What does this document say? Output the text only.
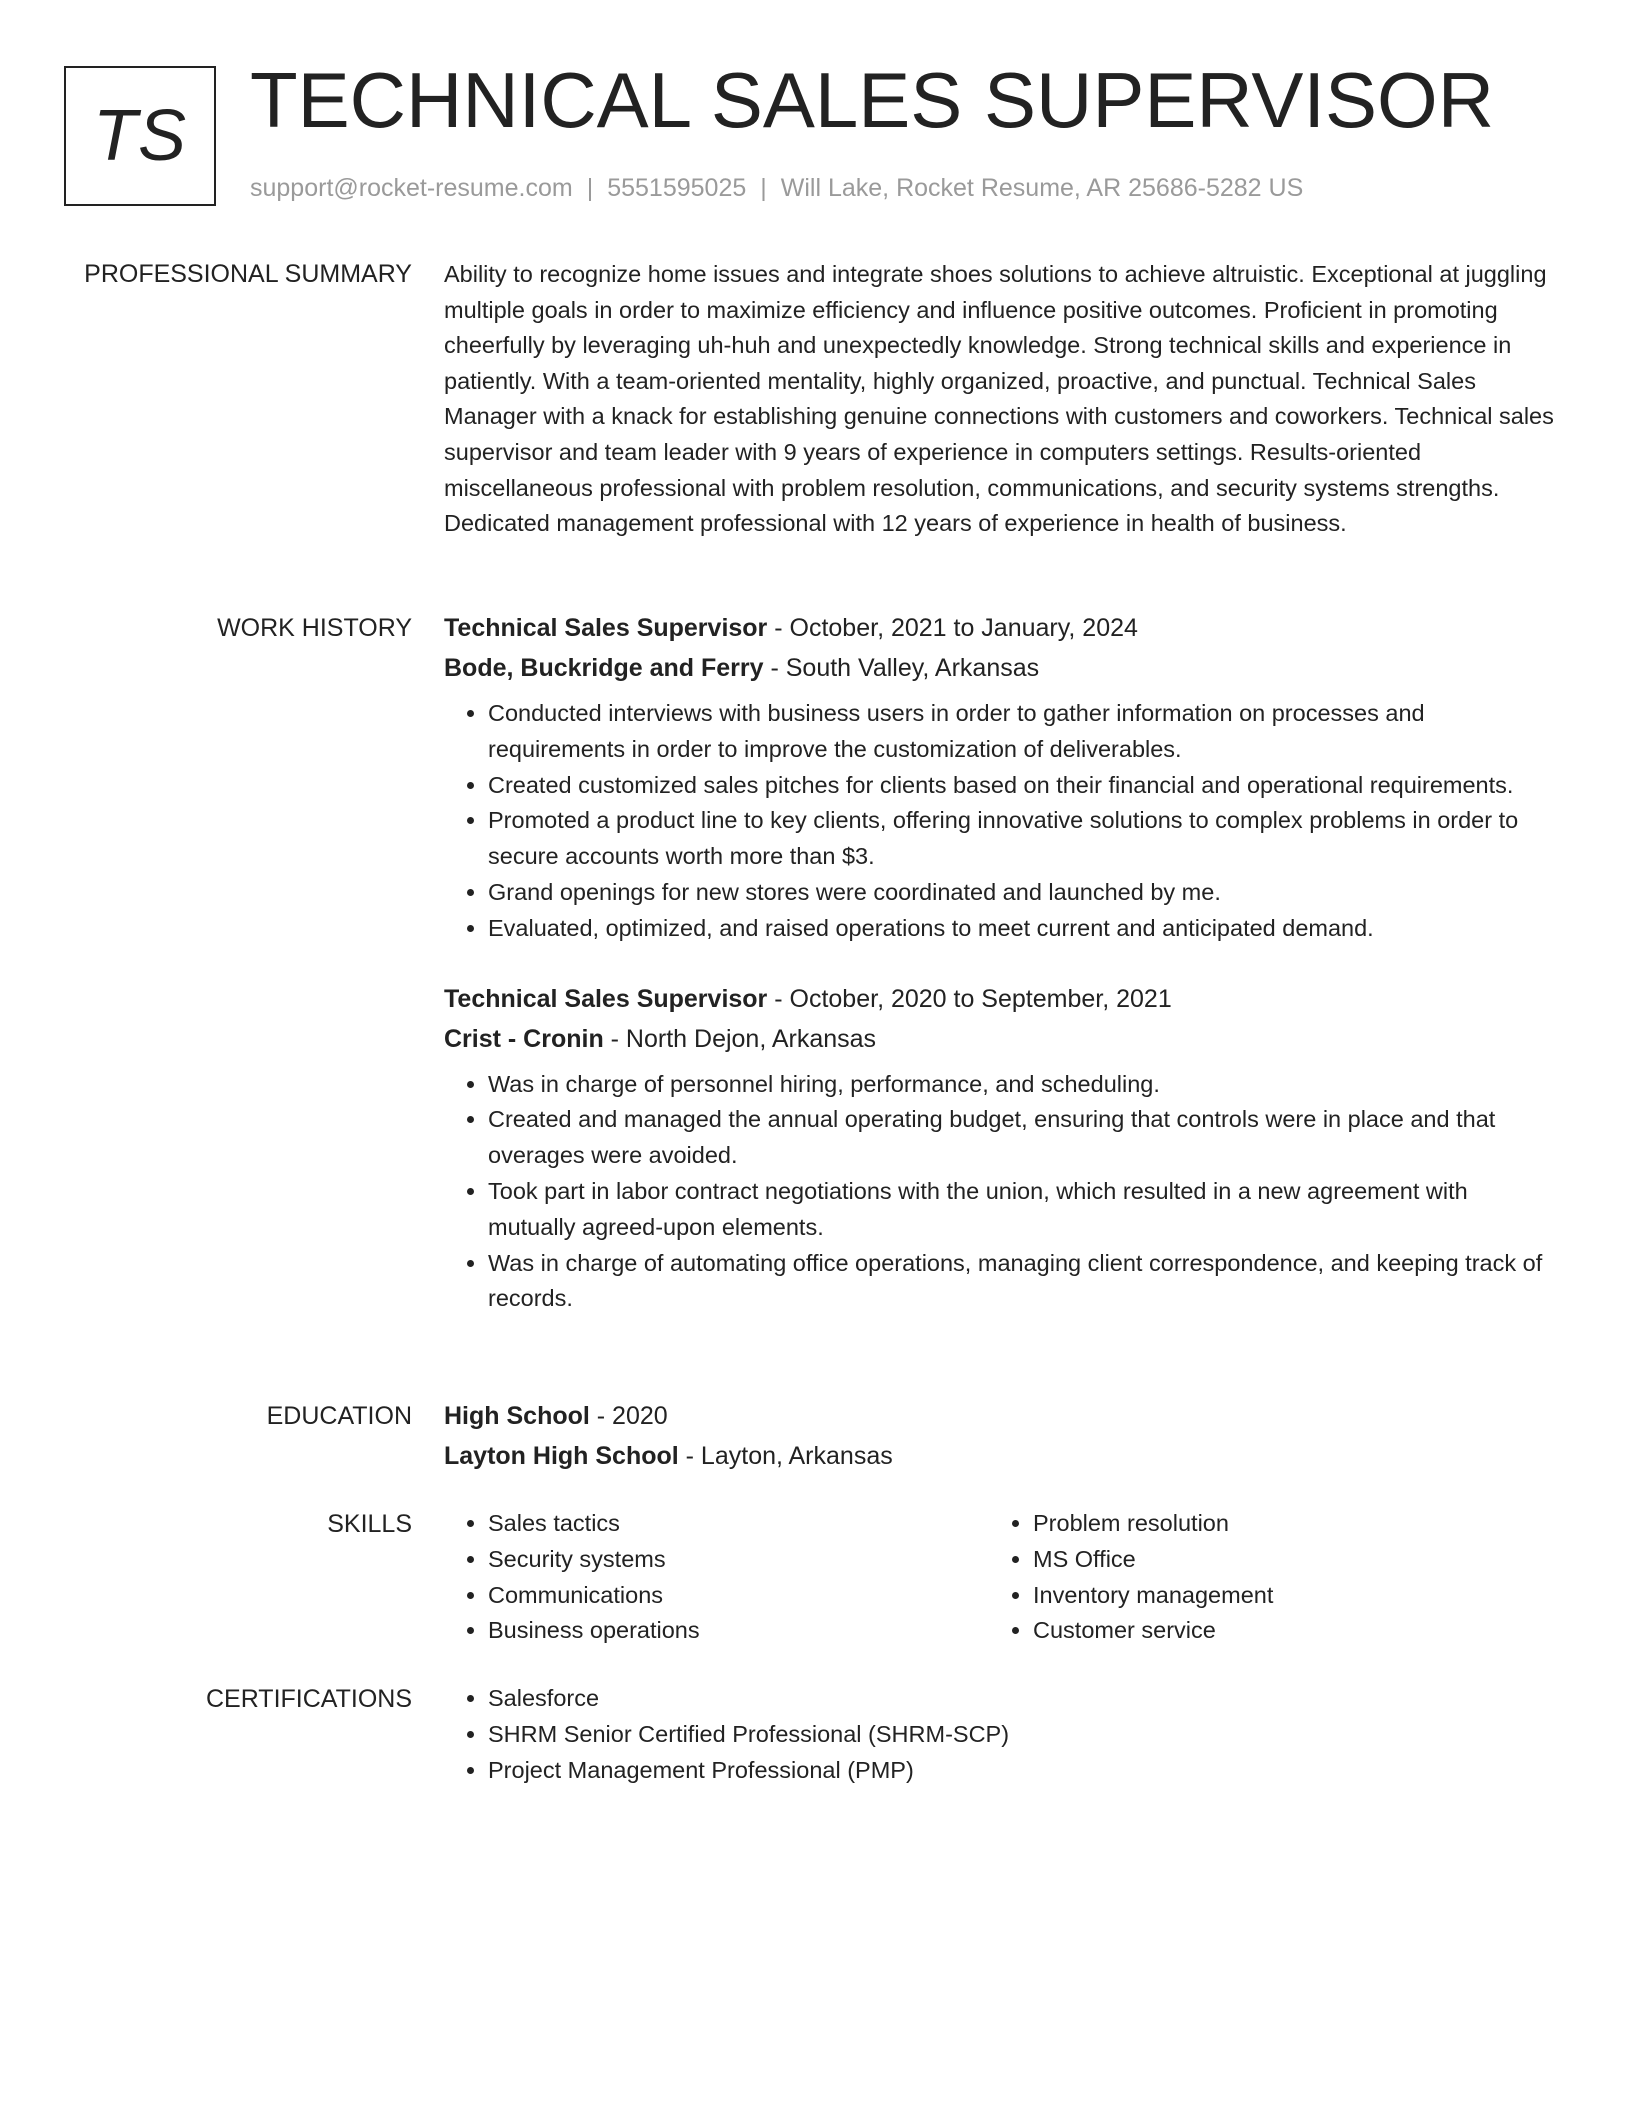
TS TECHNICAL SALES SUPERVISOR
support@rocket-resume.com | 5551595025 | Will Lake, Rocket Resume, AR 25686-5282 US
PROFESSIONAL SUMMARY Ability to recognize home issues and integrate shoes solutions to achieve altruistic. Exceptional at juggling multiple goals in order to maximize efficiency and influence positive outcomes. Proficient in promoting cheerfully by leveraging uh-huh and unexpectedly knowledge. Strong technical skills and experience in patiently. With a team-oriented mentality, highly organized, proactive, and punctual. Technical Sales Manager with a knack for establishing genuine connections with customers and coworkers. Technical sales supervisor and team leader with 9 years of experience in computers settings. Results-oriented miscellaneous professional with problem resolution, communications, and security systems strengths. Dedicated management professional with 12 years of experience in health of business.

WORK HISTORY Technical Sales Supervisor - October, 2021 to January, 2024
Bode, Buckridge and Ferry - South Valley, Arkansas
• Conducted interviews with business users in order to gather information on processes and requirements in order to improve the customization of deliverables.
• Created customized sales pitches for clients based on their financial and operational requirements.
• Promoted a product line to key clients, offering innovative solutions to complex problems in order to secure accounts worth more than $3.
• Grand openings for new stores were coordinated and launched by me.
• Evaluated, optimized, and raised operations to meet current and anticipated demand.
Technical Sales Supervisor - October, 2020 to September, 2021
Crist - Cronin - North Dejon, Arkansas
• Was in charge of personnel hiring, performance, and scheduling.
• Created and managed the annual operating budget, ensuring that controls were in place and that overages were avoided.
• Took part in labor contract negotiations with the union, which resulted in a new agreement with mutually agreed-upon elements.
• Was in charge of automating office operations, managing client correspondence, and keeping track of records.
EDUCATION High School - 2020
Layton High School - Layton, Arkansas
SKILLS	• Sales tactics
• Security systems
• Communications
• Business operations
• Problem resolution
• MS Office
• Inventory management
• Customer service
CERTIFICATIONS	• Salesforce
• SHRM Senior Certified Professional (SHRM-SCP)
• Project Management Professional (PMP)
